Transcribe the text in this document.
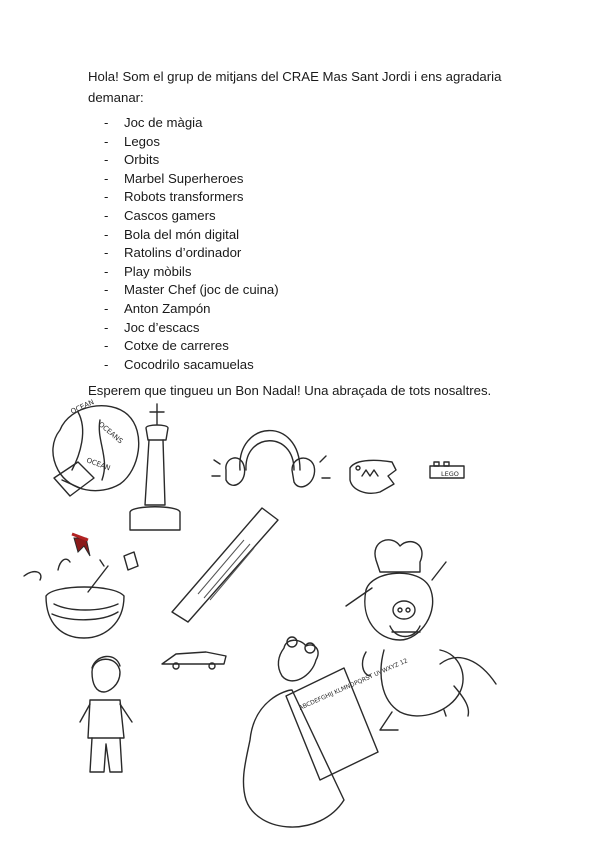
Hola! Som el grup de mitjans del CRAE Mas Sant Jordi i ens agradaria demanar:

- Joc de màgia
- Legos
- Orbits
- Marbel Superheroes
- Robots transformers
- Cascos gamers
- Bola del món digital
- Ratolins d’ordinador
- Play mòbils
- Master Chef (joc de cuina)
- Anton Zampón
- Joc d’escacs
- Cotxe de carreres
- Cocodrilo sacamuelas

Esperem que tingueu un Bon Nadal! Una abraçada de tots nosaltres.

OCEAN
OCEANS
OCEAN
LEGO
ABCDEFGHIJ KLMNOPQRST UVWXYZ 12
